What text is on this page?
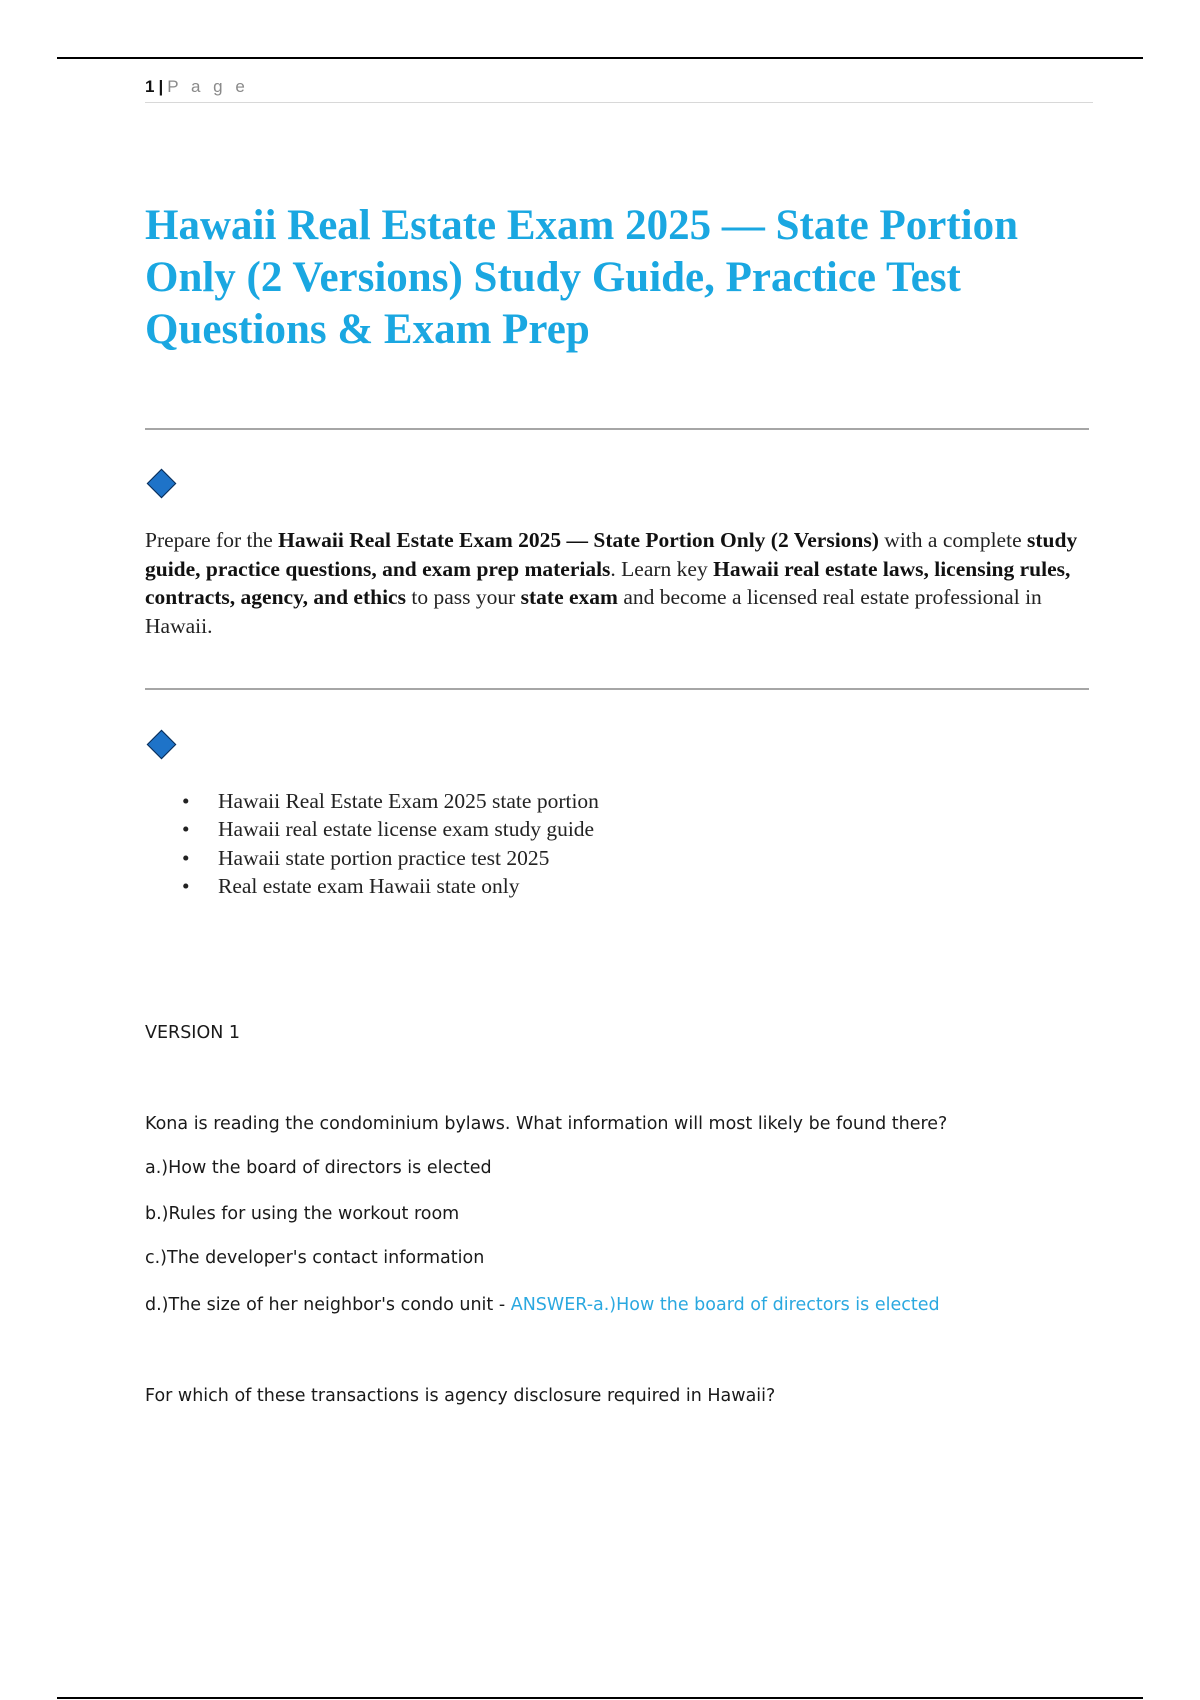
1 | P a g e
Hawaii Real Estate Exam 2025 — State Portion Only (2 Versions) Study Guide, Practice Test Questions & Exam Prep

Prepare for the Hawaii Real Estate Exam 2025 — State Portion Only (2 Versions) with a complete study guide, practice questions, and exam prep materials. Learn key Hawaii real estate laws, licensing rules, contracts, agency, and ethics to pass your state exam and become a licensed real estate professional in Hawaii.

• Hawaii Real Estate Exam 2025 state portion
• Hawaii real estate license exam study guide
• Hawaii state portion practice test 2025
• Real estate exam Hawaii state only

VERSION 1

Kona is reading the condominium bylaws. What information will most likely be found there?

a.)How the board of directors is elected

b.)Rules for using the workout room

c.)The developer's contact information

d.)The size of her neighbor's condo unit - ANSWER-a.)How the board of directors is elected

For which of these transactions is agency disclosure required in Hawaii?
